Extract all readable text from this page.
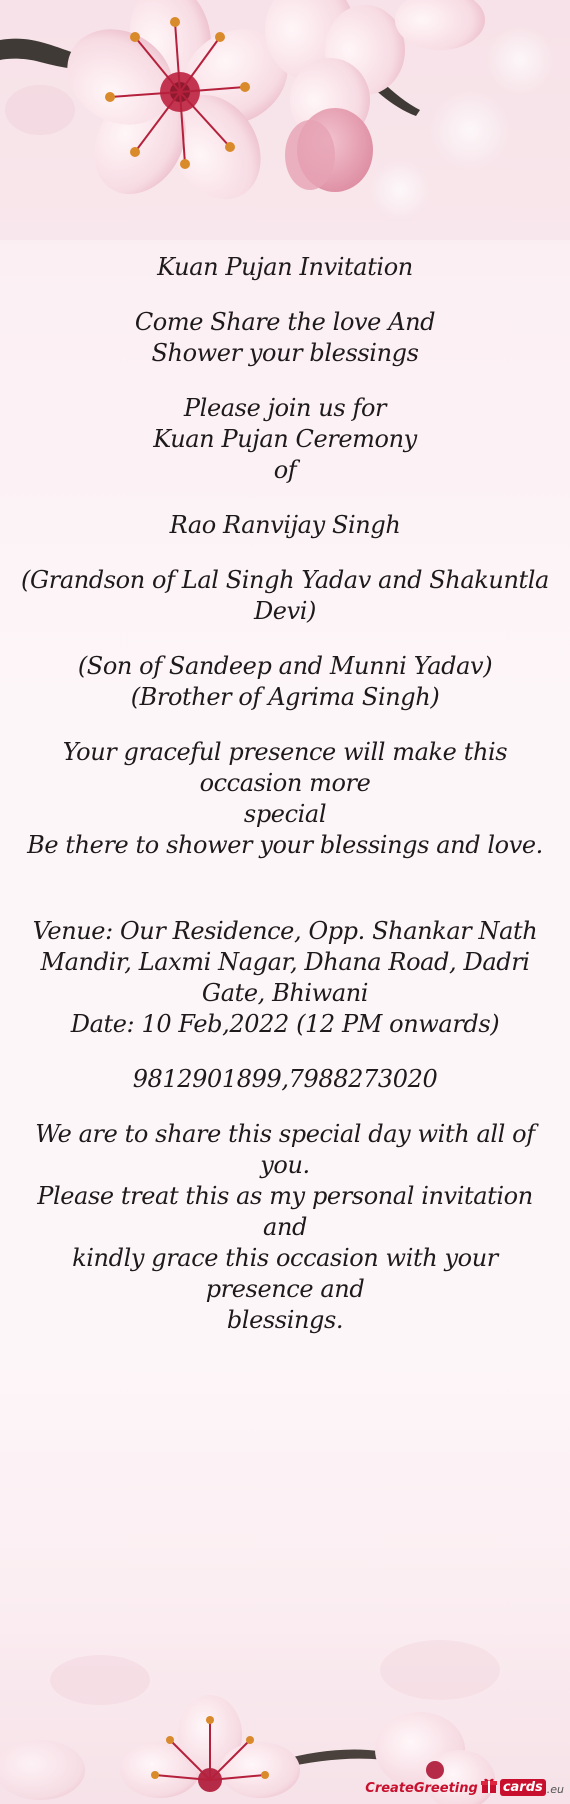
Kuan Pujan Invitation
Come Share the love And
Shower your blessings
Please join us for
Kuan Pujan Ceremony
of
Rao Ranvijay Singh
(Grandson of Lal Singh Yadav and Shakuntla
Devi)
(Son of Sandeep and Munni Yadav)
(Brother of Agrima Singh)
Your graceful presence will make this occasion more
special
Be there to shower your blessings and love.
Venue: Our Residence, Opp. Shankar Nath
Mandir, Laxmi Nagar, Dhana Road, Dadri
Gate, Bhiwani
Date: 10 Feb,2022 (12 PM onwards)
9812901899,7988273020
We are to share this special day with all of you.
Please treat this as my personal invitation and
kindly grace this occasion with your presence and
blessings.
CreateGreeting cards .eu
